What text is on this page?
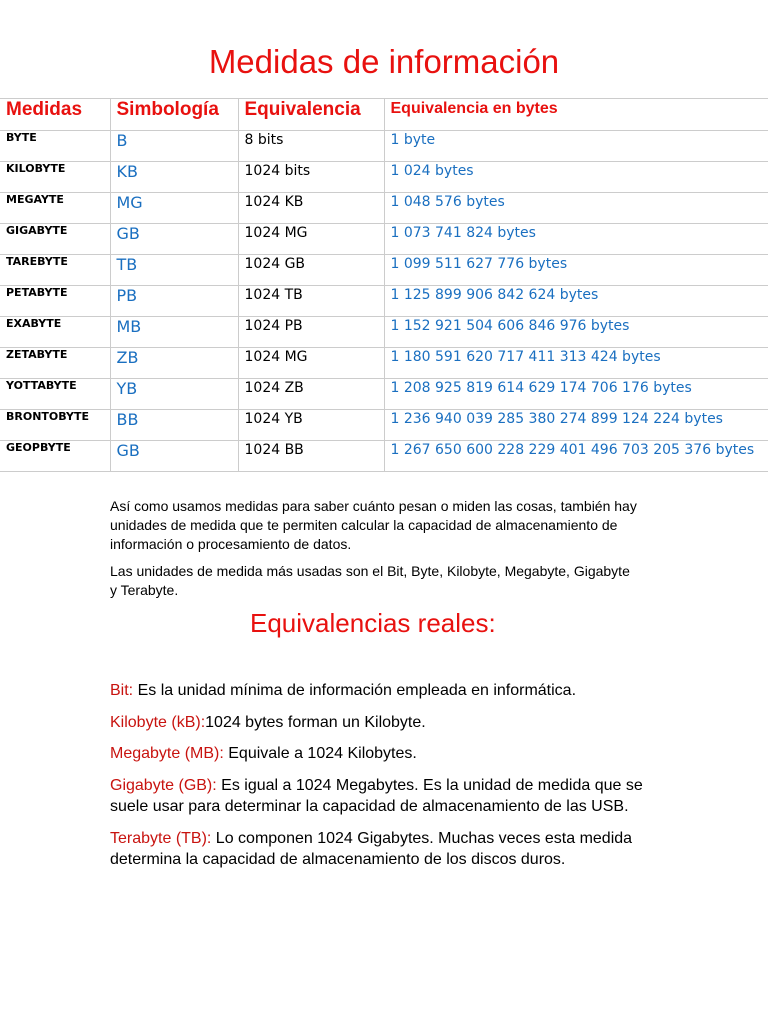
Medidas de información
Medidas	Simbología	Equivalencia	Equivalencia en bytes
BYTE	B	8 bits	1 byte
KILOBYTE	KB	1024 bits	1 024 bytes
MEGAYTE	MG	1024 KB	1 048 576 bytes
GIGABYTE	GB	1024 MG	1 073 741 824 bytes
TAREBYTE	TB	1024 GB	1 099 511 627 776 bytes
PETABYTE	PB	1024 TB	1 125 899 906 842 624 bytes
EXABYTE	MB	1024 PB	1 152 921 504 606 846 976 bytes
ZETABYTE	ZB	1024 MG	1 180 591 620 717 411 313 424 bytes
YOTTABYTE	YB	1024 ZB	1 208 925 819 614 629 174 706 176 bytes
BRONTOBYTE	BB	1024 YB	1 236 940 039 285 380 274 899 124 224 bytes
GEOPBYTE	GB	1024 BB	1 267 650 600 228 229 401 496 703 205 376 bytes

Así como usamos medidas para saber cuánto pesan o miden las cosas, también hay unidades de medida que te permiten calcular la capacidad de almacenamiento de información o procesamiento de datos.

Las unidades de medida más usadas son el Bit, Byte, Kilobyte, Megabyte, Gigabyte y Terabyte.

Equivalencias reales:

Bit: Es la unidad mínima de información empleada en informática.

Kilobyte (kB):1024 bytes forman un Kilobyte.

Megabyte (MB): Equivale a 1024 Kilobytes.

Gigabyte (GB): Es igual a 1024 Megabytes. Es la unidad de medida que se suele usar para determinar la capacidad de almacenamiento de las USB.

Terabyte (TB): Lo componen 1024 Gigabytes. Muchas veces esta medida determina la capacidad de almacenamiento de los discos duros.
